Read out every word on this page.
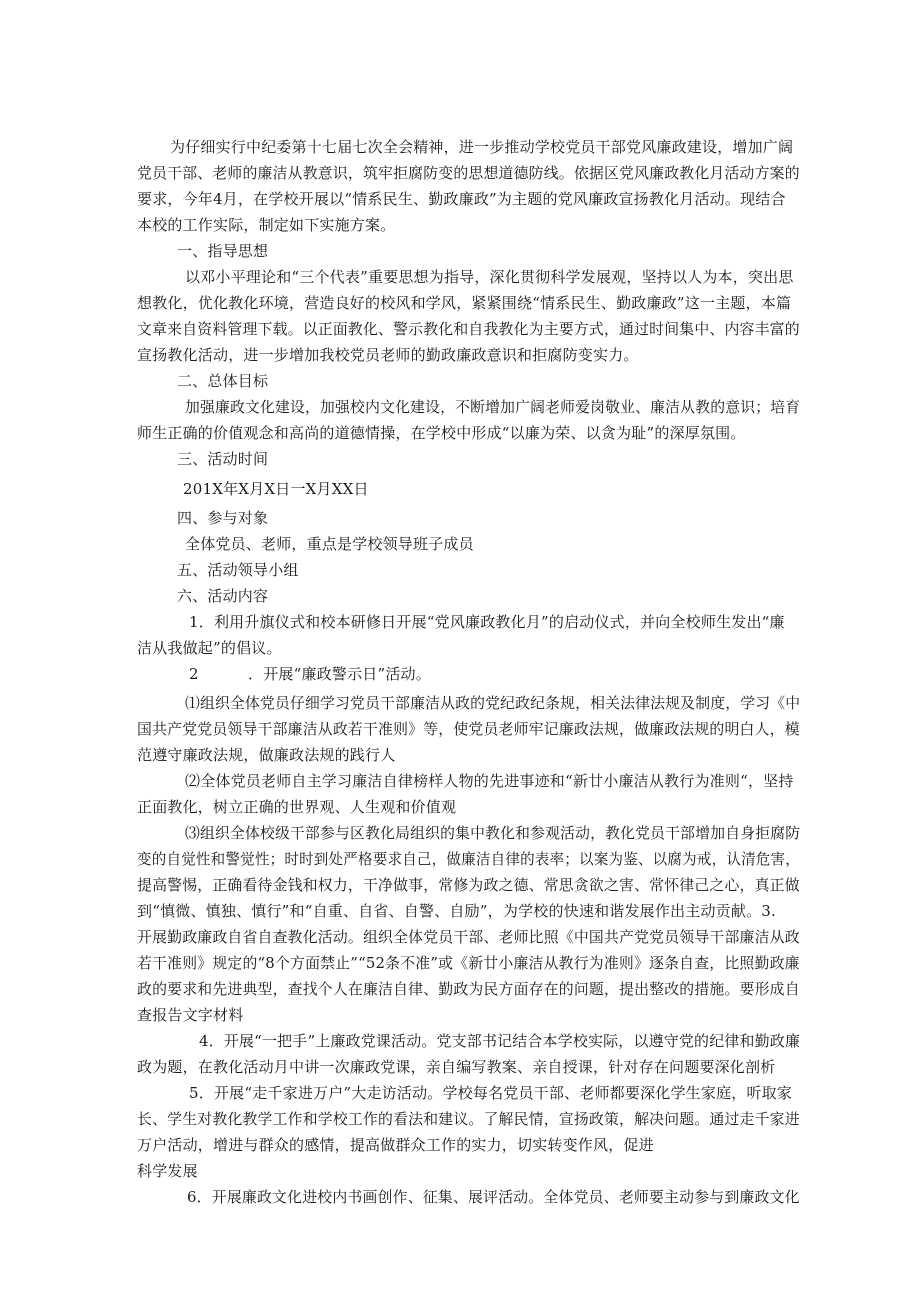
为仔细实行中纪委第十七届七次全会精神，进一步推动学校党员干部党风廉政建设，增加广阔
党员干部、老师的廉洁从教意识，筑牢拒腐防变的思想道德防线。依据区党风廉政教化月活动方案的
要求，今年4月，在学校开展以“情系民生、勤政廉政”为主题的党风廉政宣扬教化月活动。现结合
本校的工作实际，制定如下实施方案。
一、指导思想
以邓小平理论和“三个代表”重要思想为指导，深化贯彻科学发展观，坚持以人为本，突出思
想教化，优化教化环境，营造良好的校风和学风，紧紧围绕“情系民生、勤政廉政”这一主题，本篇
文章来自资料管理下载。以正面教化、警示教化和自我教化为主要方式，通过时间集中、内容丰富的
宣扬教化活动，进一步增加我校党员老师的勤政廉政意识和拒腐防变实力。
二、总体目标
加强廉政文化建设，加强校内文化建设，不断增加广阔老师爱岗敬业、廉洁从教的意识；培育
师生正确的价值观念和高尚的道德情操，在学校中形成“以廉为荣、以贪为耻”的深厚氛围。
三、活动时间
201X年X月X日一X月XX日
四、参与对象
全体党员、老师，重点是学校领导班子成员
五、活动领导小组
六、活动内容
1．利用升旗仪式和校本研修日开展“党风廉政教化月”的启动仪式，并向全校师生发出“廉
洁从我做起”的倡议。
2	．开展“廉政警示日”活动。
⑴组织全体党员仔细学习党员干部廉洁从政的党纪政纪条规，相关法律法规及制度，学习《中
国共产党党员领导干部廉洁从政若干准则》等，使党员老师牢记廉政法规，做廉政法规的明白人，模
范遵守廉政法规，做廉政法规的践行人
⑵全体党员老师自主学习廉洁自律榜样人物的先进事迹和“新廿小廉洁从教行为准则“，坚持
正面教化，树立正确的世界观、人生观和价值观
⑶组织全体校级干部参与区教化局组织的集中教化和参观活动，教化党员干部增加自身拒腐防
变的自觉性和警觉性；时时到处严格要求自己，做廉洁自律的表率；以案为鉴、以腐为戒，认清危害，
提高警惕，正确看待金钱和权力，干净做事，常修为政之德、常思贪欲之害、常怀律己之心，真正做
到“慎微、慎独、慎行”和“自重、自省、自警、自励”，为学校的快速和谐发展作出主动贡献。3.
开展勤政廉政自省自查教化活动。组织全体党员干部、老师比照《中国共产党党员领导干部廉洁从政
若干准则》规定的“8个方面禁止”“52条不准”或《新廿小廉洁从教行为准则》逐条自查，比照勤政廉
政的要求和先进典型，查找个人在廉洁自律、勤政为民方面存在的问题，提出整改的措施。要形成自
查报告文字材料
4．开展“一把手”上廉政党课活动。党支部书记结合本学校实际，以遵守党的纪律和勤政廉
政为题，在教化活动月中讲一次廉政党课，亲自编写教案、亲自授课，针对存在问题要深化剖析
5．开展“走千家进万户”大走访活动。学校每名党员干部、老师都要深化学生家庭，听取家
长、学生对教化教学工作和学校工作的看法和建议。了解民情，宣扬政策，解决问题。通过走千家进
万户活动，增进与群众的感情，提高做群众工作的实力，切实转变作风，促进
科学发展
6．开展廉政文化进校内书画创作、征集、展评活动。全体党员、老师要主动参与到廉政文化
